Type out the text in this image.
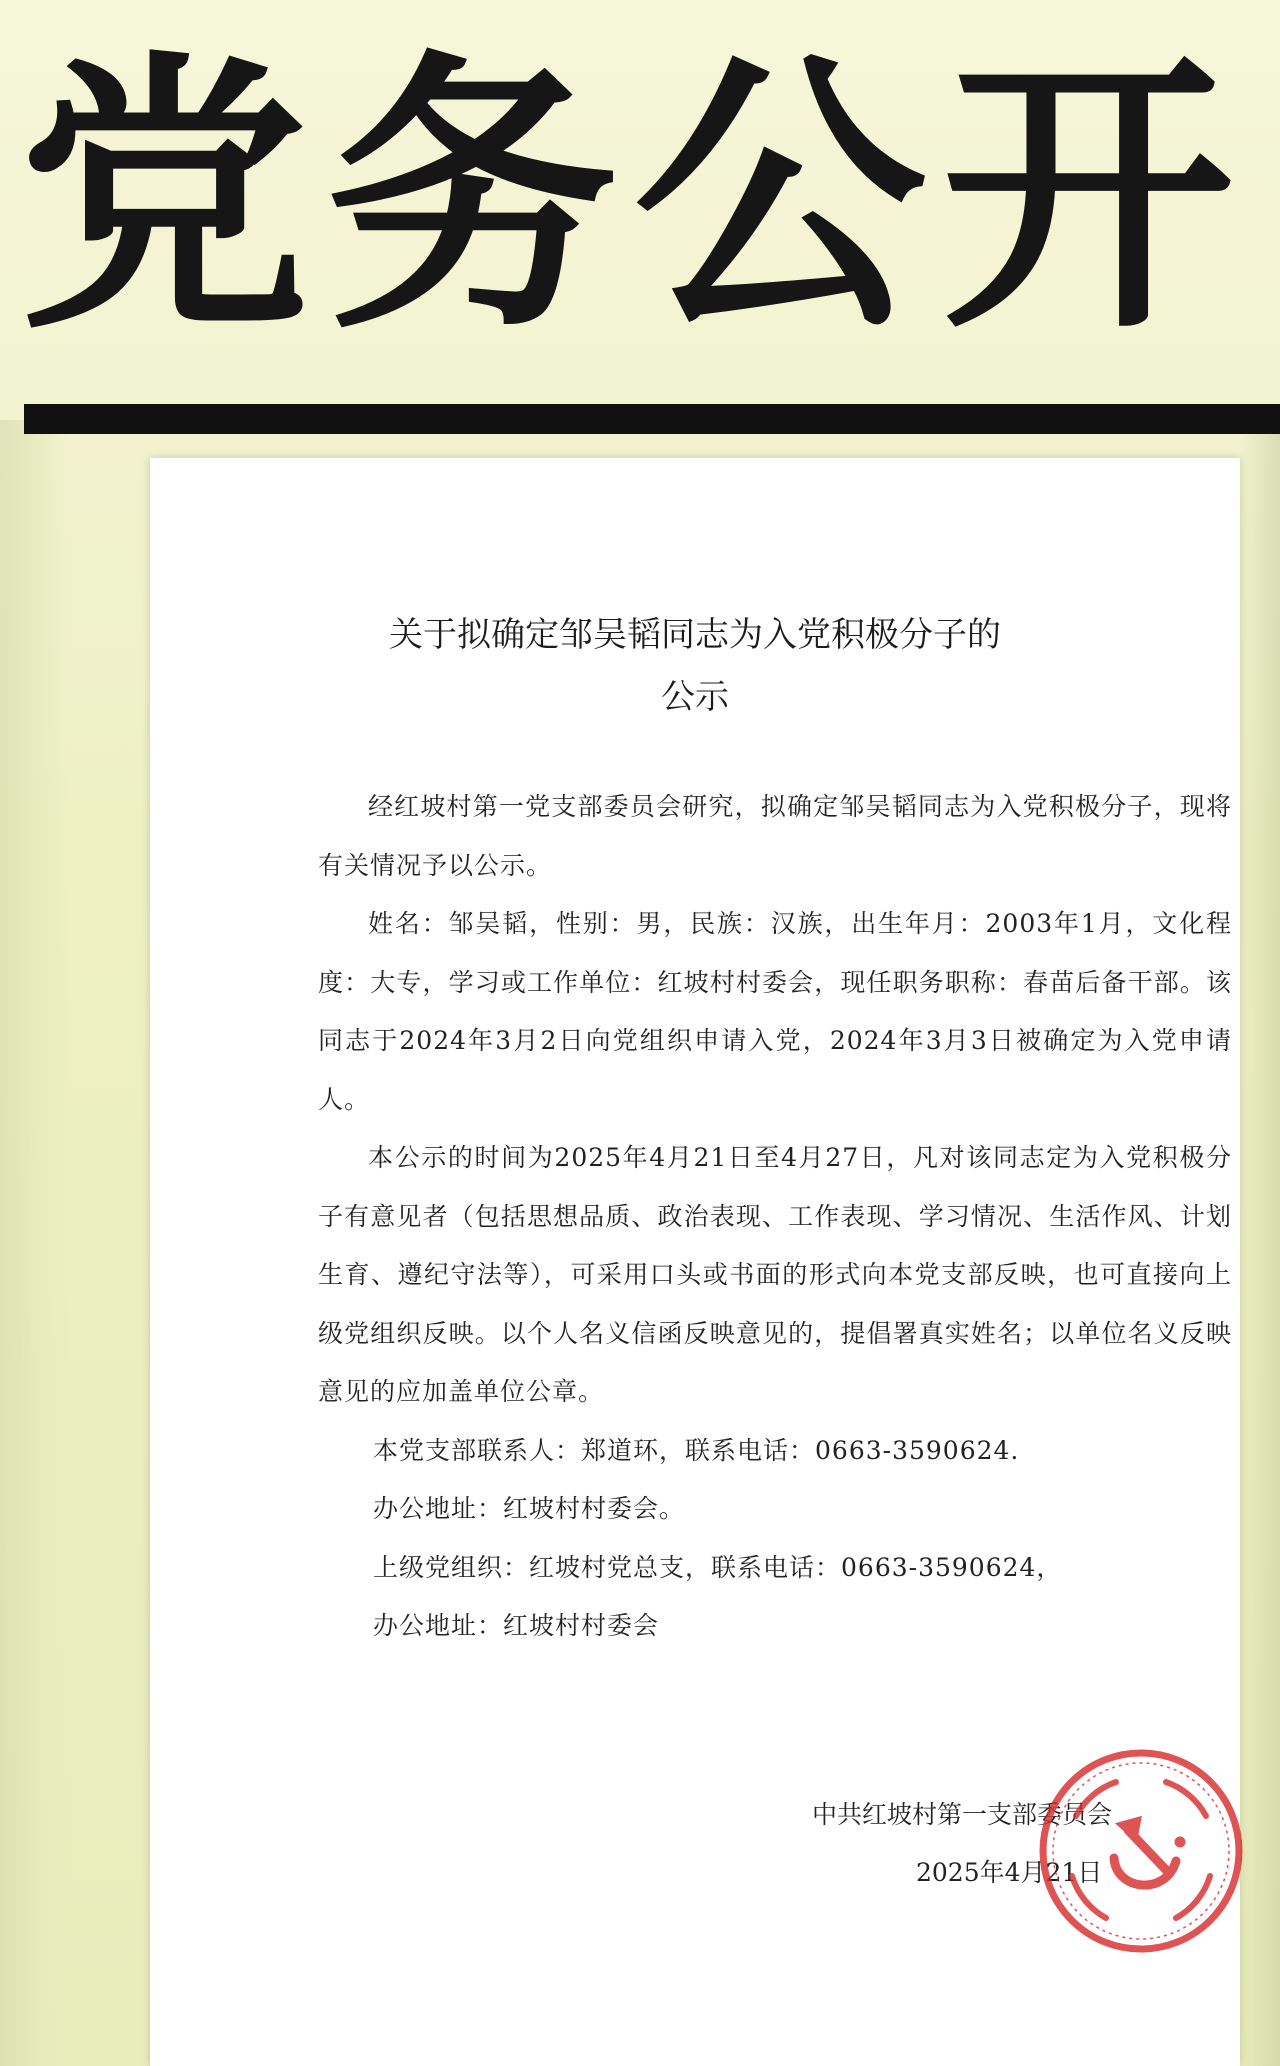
党务公开
关于拟确定邹吴韬同志为入党积极分子的
公示

经红坡村第一党支部委员会研究，拟确定邹吴韬同志为入党积极分子，现将有关情况予以公示。

姓名：邹吴韬，性别：男，民族：汉族，出生年月：2003年1月，文化程度：大专，学习或工作单位：红坡村村委会，现任职务职称：春苗后备干部。该同志于2024年3月2日向党组织申请入党，2024年3月3日被确定为入党申请人。

本公示的时间为2025年4月21日至4月27日，凡对该同志定为入党积极分子有意见者（包括思想品质、政治表现、工作表现、学习情况、生活作风、计划生育、遵纪守法等），可采用口头或书面的形式向本党支部反映，也可直接向上级党组织反映。以个人名义信函反映意见的，提倡署真实姓名；以单位名义反映意见的应加盖单位公章。

本党支部联系人：郑道环，联系电话：0663-3590624.

办公地址：红坡村村委会。

上级党组织：红坡村党总支，联系电话：0663-3590624，

办公地址：红坡村村委会

中共红坡村第一支部委员会
2025年4月21日
